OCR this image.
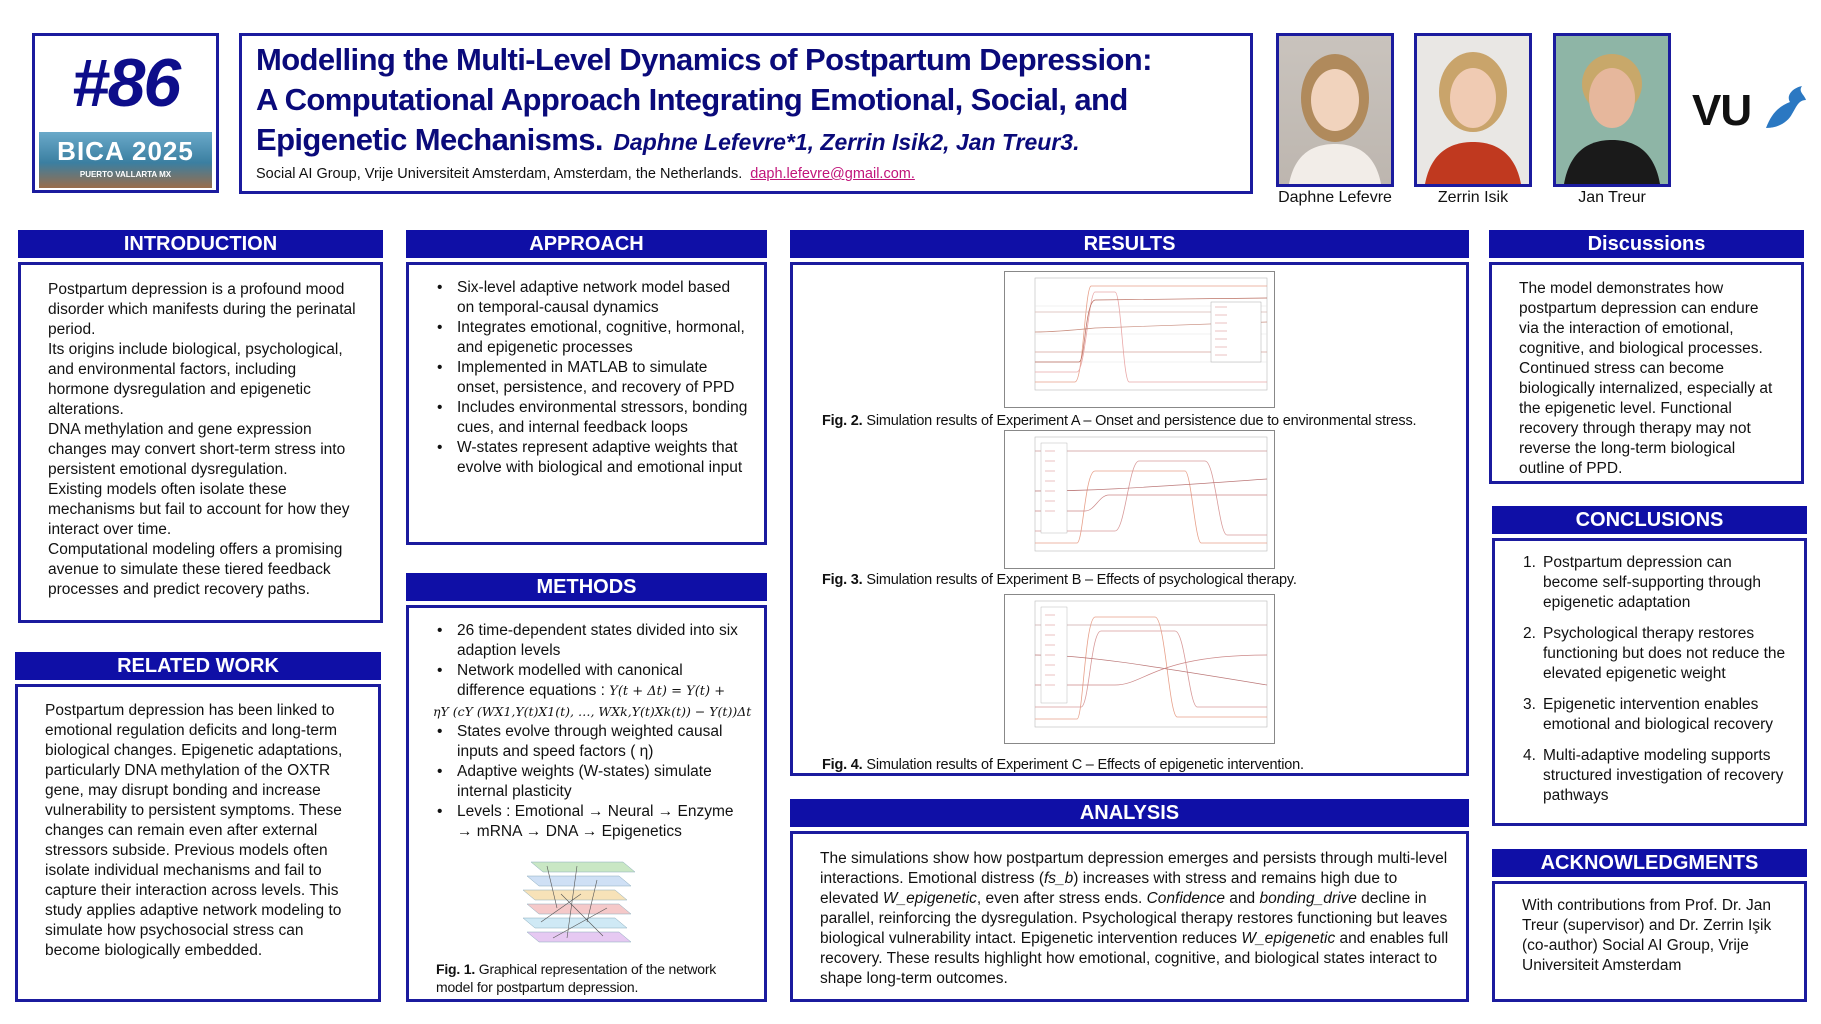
#86
BICA 2025
PUERTO VALLARTA MX
Modelling the Multi-Level Dynamics of Postpartum Depression:
A Computational Approach Integrating Emotional, Social, and
Epigenetic Mechanisms. Daphne Lefevre*1, Zerrin Isik2, Jan Treur3.
Social AI Group, Vrije Universiteit Amsterdam, Amsterdam, the Netherlands. daph.lefevre@gmail.com.
Daphne Lefevre	Zerrin Isik	Jan Treur
VU
INTRODUCTION
Postpartum depression is a profound mood disorder which manifests during the perinatal period.
Its origins include biological, psychological, and environmental factors, including hormone dysregulation and epigenetic alterations.
DNA methylation and gene expression changes may convert short-term stress into persistent emotional dysregulation.
Existing models often isolate these mechanisms but fail to account for how they interact over time.
Computational modeling offers a promising avenue to simulate these tiered feedback processes and predict recovery paths.
RELATED WORK
Postpartum depression has been linked to emotional regulation deficits and long-term biological changes. Epigenetic adaptations, particularly DNA methylation of the OXTR gene, may disrupt bonding and increase vulnerability to persistent symptoms. These changes can remain even after external stressors subside. Previous models often isolate individual mechanisms and fail to capture their interaction across levels. This study applies adaptive network modeling to simulate how psychosocial stress can become biologically embedded.
APPROACH
• Six-level adaptive network model based on temporal-causal dynamics
• Integrates emotional, cognitive, hormonal, and epigenetic processes
• Implemented in MATLAB to simulate onset, persistence, and recovery of PPD
• Includes environmental stressors, bonding cues, and internal feedback loops
• W-states represent adaptive weights that evolve with biological and emotional input
METHODS
• 26 time-dependent states divided into six adaption levels
• Network modelled with canonical difference equations : Y(t + Δt) = Y(t) +
ηY (cY (WX1,Y(t)X1(t), …, WXk,Y(t)Xk(t)) − Y(t))Δt
• States evolve through weighted causal inputs and speed factors ( η)
• Adaptive weights (W-states) simulate internal plasticity
• Levels : Emotional → Neural → Enzyme → mRNA → DNA → Epigenetics
Fig. 1. Graphical representation of the network model for postpartum depression.
RESULTS
Fig. 2. Simulation results of Experiment A – Onset and persistence due to environmental stress.
Fig. 3. Simulation results of Experiment B – Effects of psychological therapy.
Fig. 4. Simulation results of Experiment C – Effects of epigenetic intervention.
ANALYSIS
The simulations show how postpartum depression emerges and persists through multi-level interactions. Emotional distress (fs_b) increases with stress and remains high due to elevated W_epigenetic, even after stress ends. Confidence and bonding_drive decline in parallel, reinforcing the dysregulation. Psychological therapy restores functioning but leaves biological vulnerability intact. Epigenetic intervention reduces W_epigenetic and enables full recovery. These results highlight how emotional, cognitive, and biological states interact to shape long-term outcomes.
Discussions
The model demonstrates how postpartum depression can endure via the interaction of emotional, cognitive, and biological processes. Continued stress can become biologically internalized, especially at the epigenetic level. Functional recovery through therapy may not reverse the long-term biological outline of PPD.
CONCLUSIONS
1. Postpartum depression can become self-supporting through epigenetic adaptation
2. Psychological therapy restores functioning but does not reduce the elevated epigenetic weight
3. Epigenetic intervention enables emotional and biological recovery
4. Multi-adaptive modeling supports structured investigation of recovery pathways
ACKNOWLEDGMENTS
With contributions from Prof. Dr. Jan Treur (supervisor) and Dr. Zerrin Işik (co-author) Social AI Group, Vrije Universiteit Amsterdam
